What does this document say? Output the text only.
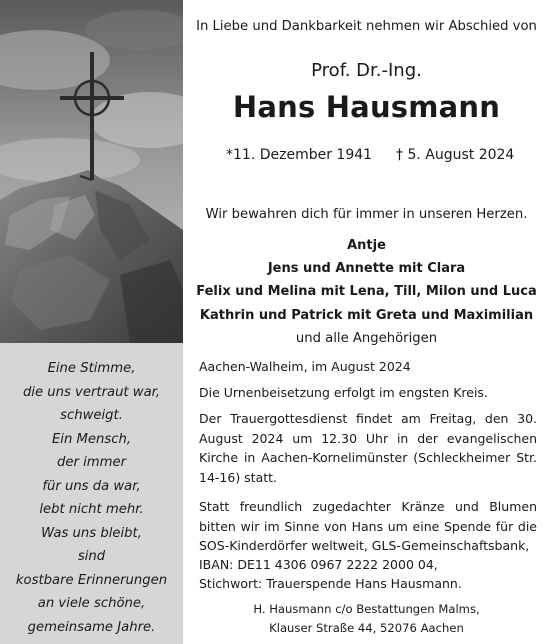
Eine Stimme,
die uns vertraut war,
schweigt.
Ein Mensch,
der immer
für uns da war,
lebt nicht mehr.
Was uns bleibt,
sind
kostbare Erinnerungen
an viele schöne,
gemeinsame Jahre.
In Liebe und Dankbarkeit nehmen wir Abschied von
Prof. Dr.-Ing.
Hans Hausmann
*11. Dezember 1941 † 5. August 2024
Wir bewahren dich für immer in unseren Herzen.
Antje
Jens und Annette mit Clara
Felix und Melina mit Lena, Till, Milon und Luca
Kathrin und Patrick mit Greta und Maximilian
und alle Angehörigen
Aachen-Walheim, im August 2024
Die Urnenbeisetzung erfolgt im engsten Kreis.
Der Trauergottesdienst findet am Freitag, den 30. August 2024 um 12.30 Uhr in der evangelischen Kirche in Aachen-Kornelimünster (Schleckheimer Str. 14-16) statt.
Statt freundlich zugedachter Kränze und Blumen bitten wir im Sinne von Hans um eine Spende für die SOS-Kinderdörfer weltweit, GLS-Gemeinschaftsbank,
IBAN: DE11 4306 0967 2222 2000 04,
Stichwort: Trauerspende Hans Hausmann.
H. Hausmann c/o Bestattungen Malms,
Klauser Straße 44, 52076 Aachen
